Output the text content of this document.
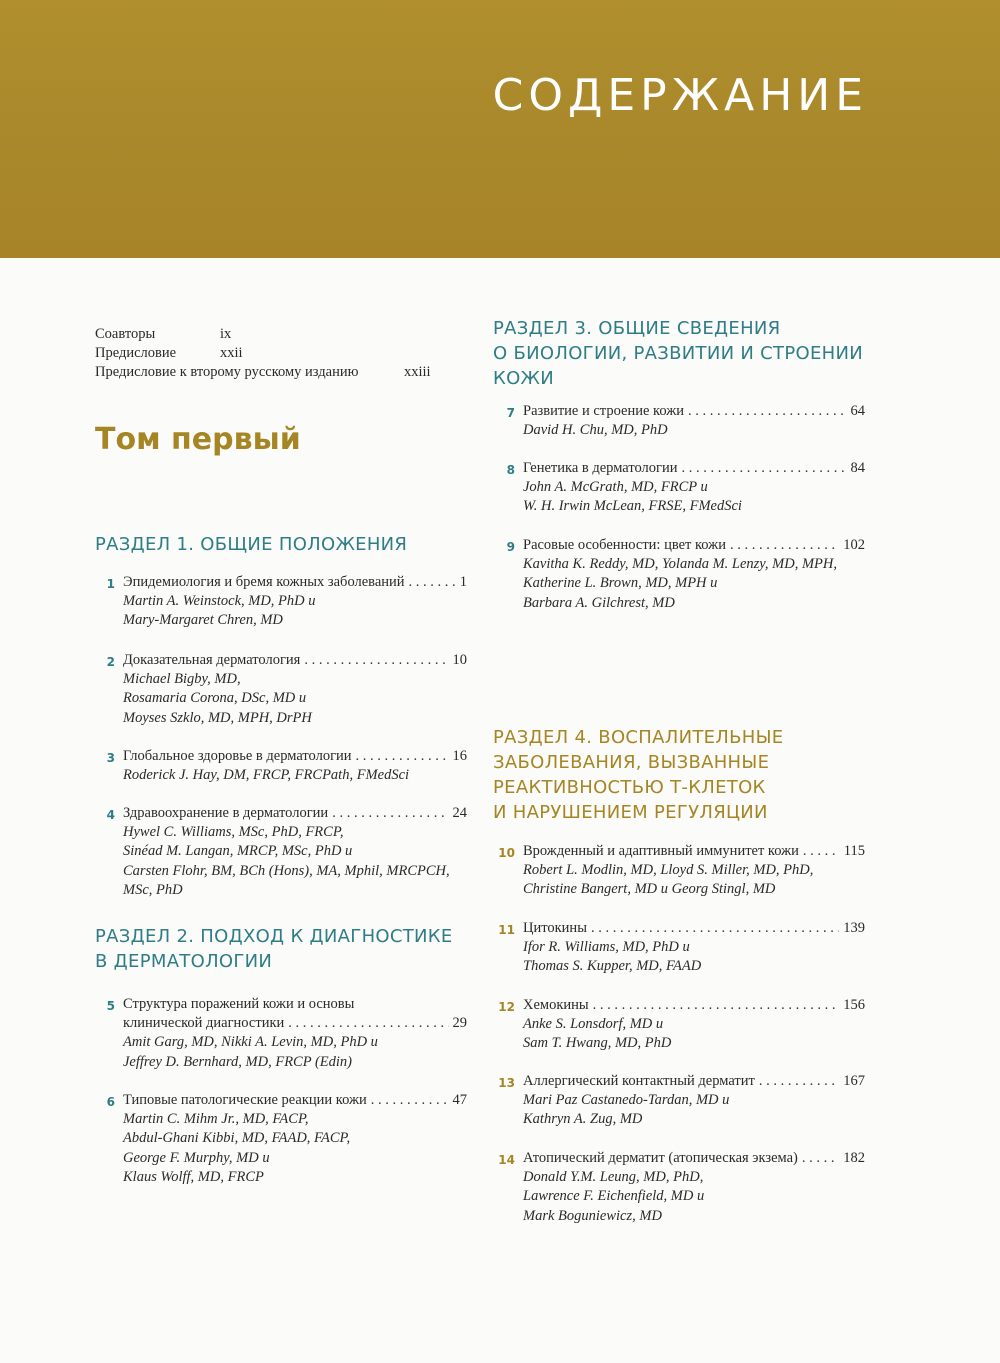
СОДЕРЖАНИЕ
Соавторы	ix
Предисловие	xxii
Предисловие к второму русскому изданию	xxiii
Том первый
РАЗДЕЛ 1. ОБЩИЕ ПОЛОЖЕНИЯ
1 Эпидемиология и бремя кожных заболеваний . . .	1
Martin A. Weinstock, MD, PhD и
Mary-Margaret Chren, MD
2 Доказательная дерматология . . .	10
Michael Bigby, MD,
Rosamaria Corona, DSc, MD и
Moyses Szklo, MD, MPH, DrPH
3 Глобальное здоровье в дерматологии . . .	16
Roderick J. Hay, DM, FRCP, FRCPath, FMedSci
4 Здравоохранение в дерматологии . . .	24
Hywel C. Williams, MSc, PhD, FRCP,
Sinéad M. Langan, MRCP, MSc, PhD и
Carsten Flohr, BM, BCh (Hons), MA, Mphil, MRCPCH,
MSc, PhD
РАЗДЕЛ 2. ПОДХОД К ДИАГНОСТИКЕ
В ДЕРМАТОЛОГИИ
5 Структура поражений кожи и основы
клинической диагностики . . .	29
Amit Garg, MD, Nikki A. Levin, MD, PhD и
Jeffrey D. Bernhard, MD, FRCP (Edin)
6 Типовые патологические реакции кожи . . .	47
Martin C. Mihm Jr., MD, FACP,
Abdul-Ghani Kibbi, MD, FAAD, FACP,
George F. Murphy, MD и
Klaus Wolff, MD, FRCP
РАЗДЕЛ 3. ОБЩИЕ СВЕДЕНИЯ
О БИОЛОГИИ, РАЗВИТИИ И СТРОЕНИИ
КОЖИ
7 Развитие и строение кожи . . .	64
David H. Chu, MD, PhD
8 Генетика в дерматологии . . .	84
John A. McGrath, MD, FRCP и
W. H. Irwin McLean, FRSE, FMedSci
9 Расовые особенности: цвет кожи . . .	102
Kavitha K. Reddy, MD, Yolanda M. Lenzy, MD, MPH,
Katherine L. Brown, MD, MPH и
Barbara A. Gilchrest, MD
РАЗДЕЛ 4. ВОСПАЛИТЕЛЬНЫЕ
ЗАБОЛЕВАНИЯ, ВЫЗВАННЫЕ
РЕАКТИВНОСТЬЮ Т-КЛЕТОК
И НАРУШЕНИЕМ РЕГУЛЯЦИИ
10 Врожденный и адаптивный иммунитет кожи . . .	115
Robert L. Modlin, MD, Lloyd S. Miller, MD, PhD,
Christine Bangert, MD и Georg Stingl, MD
11 Цитокины . . .	139
Ifor R. Williams, MD, PhD и
Thomas S. Kupper, MD, FAAD
12 Хемокины . . .	156
Anke S. Lonsdorf, MD и
Sam T. Hwang, MD, PhD
13 Аллергический контактный дерматит . . .	167
Mari Paz Castanedo-Tardan, MD и
Kathryn A. Zug, MD
14 Атопический дерматит (атопическая экзема) . . .	182
Donald Y.M. Leung, MD, PhD,
Lawrence F. Eichenfield, MD и
Mark Boguniewicz, MD
